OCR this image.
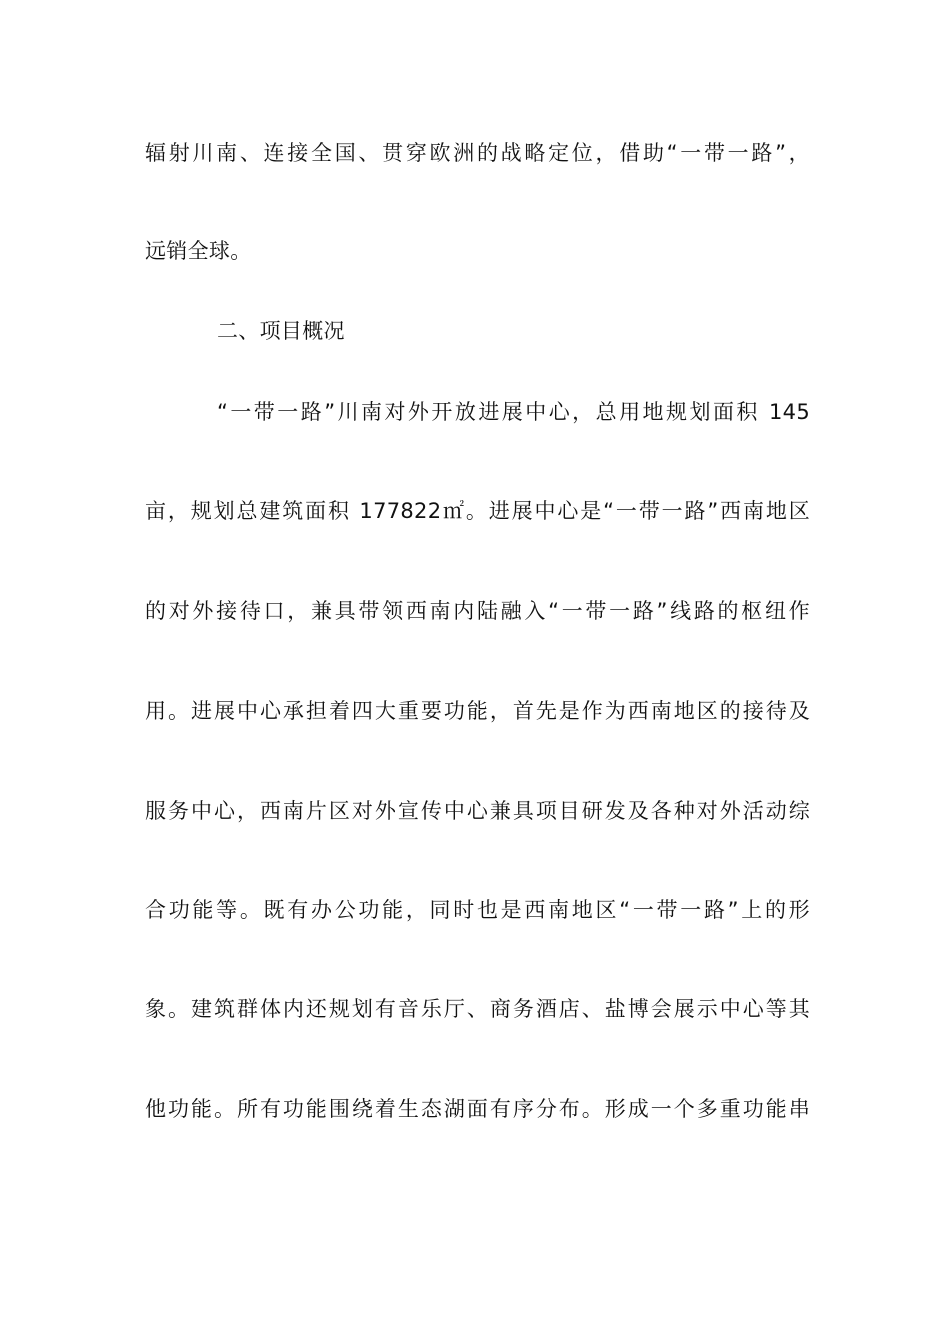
辐射川南、连接全国、贯穿欧洲的战略定位，借助“一带一路”，
远销全球。
二、项目概况
“一带一路”川南对外开放进展中心，总用地规划面积 145
亩，规划总建筑面积 177822㎡。进展中心是“一带一路”西南地区
的对外接待口，兼具带领西南内陆融入“一带一路”线路的枢纽作
用。进展中心承担着四大重要功能，首先是作为西南地区的接待及
服务中心，西南片区对外宣传中心兼具项目研发及各种对外活动综
合功能等。既有办公功能，同时也是西南地区“一带一路”上的形
象。建筑群体内还规划有音乐厅、商务酒店、盐博会展示中心等其
他功能。所有功能围绕着生态湖面有序分布。形成一个多重功能串
